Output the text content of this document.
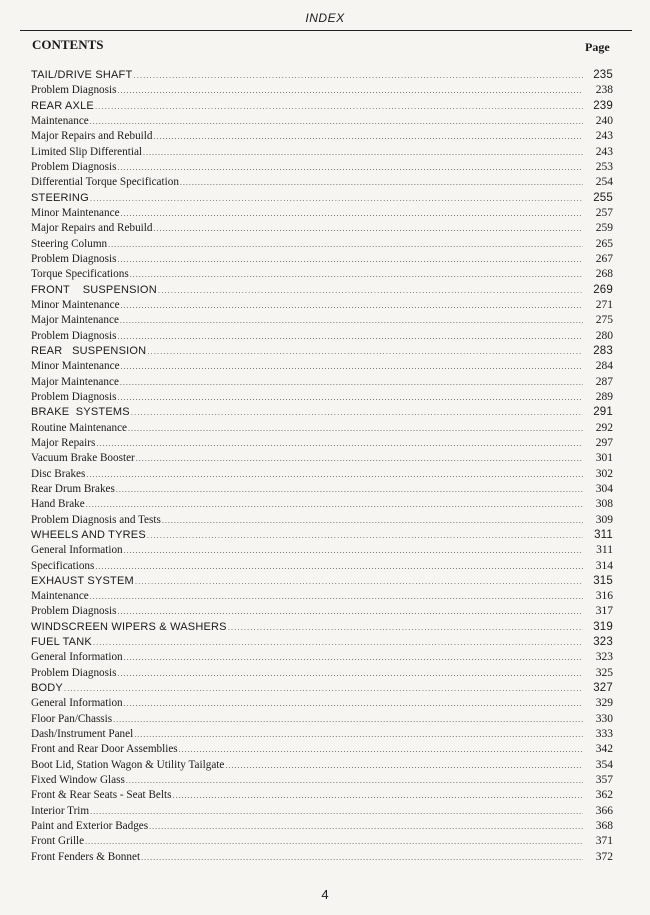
INDEX
CONTENTS	Page
TAIL/DRIVE SHAFT .....	235
Problem Diagnosis .....	238
REAR AXLE .....	239
Maintenance .....	240
Major Repairs and Rebuild .....	243
Limited Slip Differential .....	243
Problem Diagnosis .....	253
Differential Torque Specification .....	254
STEERING .....	255
Minor Maintenance .....	257
Major Repairs and Rebuild .....	259
Steering Column .....	265
Problem Diagnosis .....	267
Torque Specifications .....	268
FRONT    SUSPENSION .....	269
Minor Maintenance .....	271
Major Maintenance .....	275
Problem Diagnosis .....	280
REAR   SUSPENSION .....	283
Minor Maintenance .....	284
Major Maintenance .....	287
Problem Diagnosis .....	289
BRAKE  SYSTEMS .....	291
Routine Maintenance .....	292
Major Repairs .....	297
Vacuum Brake Booster .....	301
Disc Brakes .....	302
Rear Drum Brakes .....	304
Hand Brake .....	308
Problem Diagnosis and Tests .....	309
WHEELS AND TYRES .....	311
General Information .....	311
Specifications .....	314
EXHAUST SYSTEM .....	315
Maintenance .....	316
Problem Diagnosis .....	317
WINDSCREEN WIPERS & WASHERS .....	319
FUEL TANK .....	323
General Information .....	323
Problem Diagnosis .....	325
BODY .....	327
General Information .....	329
Floor Pan/Chassis .....	330
Dash/Instrument Panel .....	333
Front and Rear Door Assemblies .....	342
Boot Lid, Station Wagon & Utility Tailgate .....	354
Fixed Window Glass .....	357
Front & Rear Seats - Seat Belts .....	362
Interior Trim .....	366
Paint and Exterior Badges .....	368
Front Grille .....	371
Front Fenders & Bonnet .....	372
4
